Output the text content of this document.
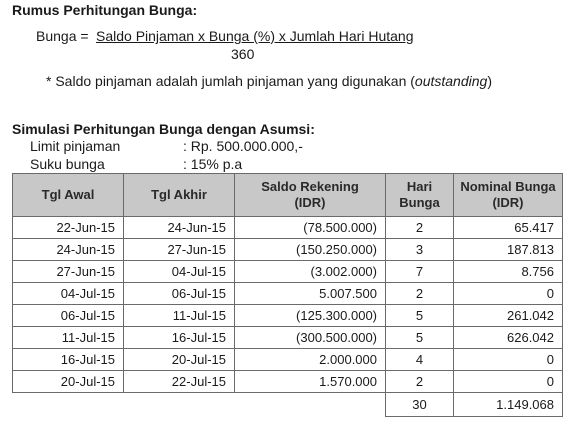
Rumus Perhitungan Bunga:
Bunga = Saldo Pinjaman x Bunga (%) x Jumlah Hari Hutang
360
* Saldo pinjaman adalah jumlah pinjaman yang digunakan (outstanding)
Simulasi Perhitungan Bunga dengan Asumsi:
Limit pinjaman	: Rp. 500.000.000,-
Suku bunga	: 15% p.a
Tgl Awal	Tgl Akhir	Saldo Rekening (IDR)	Hari Bunga	Nominal Bunga (IDR)
22-Jun-15	24-Jun-15	(78.500.000)	2	65.417
24-Jun-15	27-Jun-15	(150.250.000)	3	187.813
27-Jun-15	04-Jul-15	(3.002.000)	7	8.756
04-Jul-15	06-Jul-15	5.007.500	2	0
06-Jul-15	11-Jul-15	(125.300.000)	5	261.042
11-Jul-15	16-Jul-15	(300.500.000)	5	626.042
16-Jul-15	20-Jul-15	2.000.000	4	0
20-Jul-15	22-Jul-15	1.570.000	2	0
			30	1.149.068
